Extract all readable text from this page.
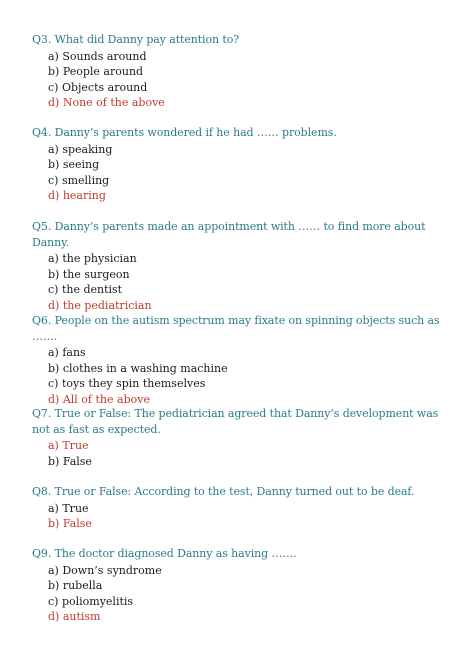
Q3. What did Danny pay attention to?
a) Sounds around
b) People around
c) Objects around
d) None of the above
Q4. Danny’s parents wondered if he had …… problems.
a) speaking
b) seeing
c) smelling
d) hearing
Q5. Danny’s parents made an appointment with …… to find more about Danny.
a) the physician
b) the surgeon
c) the dentist
d) the pediatrician
Q6. People on the autism spectrum may fixate on spinning objects such as …….
a) fans
b) clothes in a washing machine
c) toys they spin themselves
d) All of the above
Q7. True or False: The pediatrician agreed that Danny’s development was not as fast as expected.
a) True
b) False
Q8. True or False: According to the test, Danny turned out to be deaf.
a) True
b) False
Q9. The doctor diagnosed Danny as having …….
a) Down’s syndrome
b) rubella
c) poliomyelitis
d) autism
